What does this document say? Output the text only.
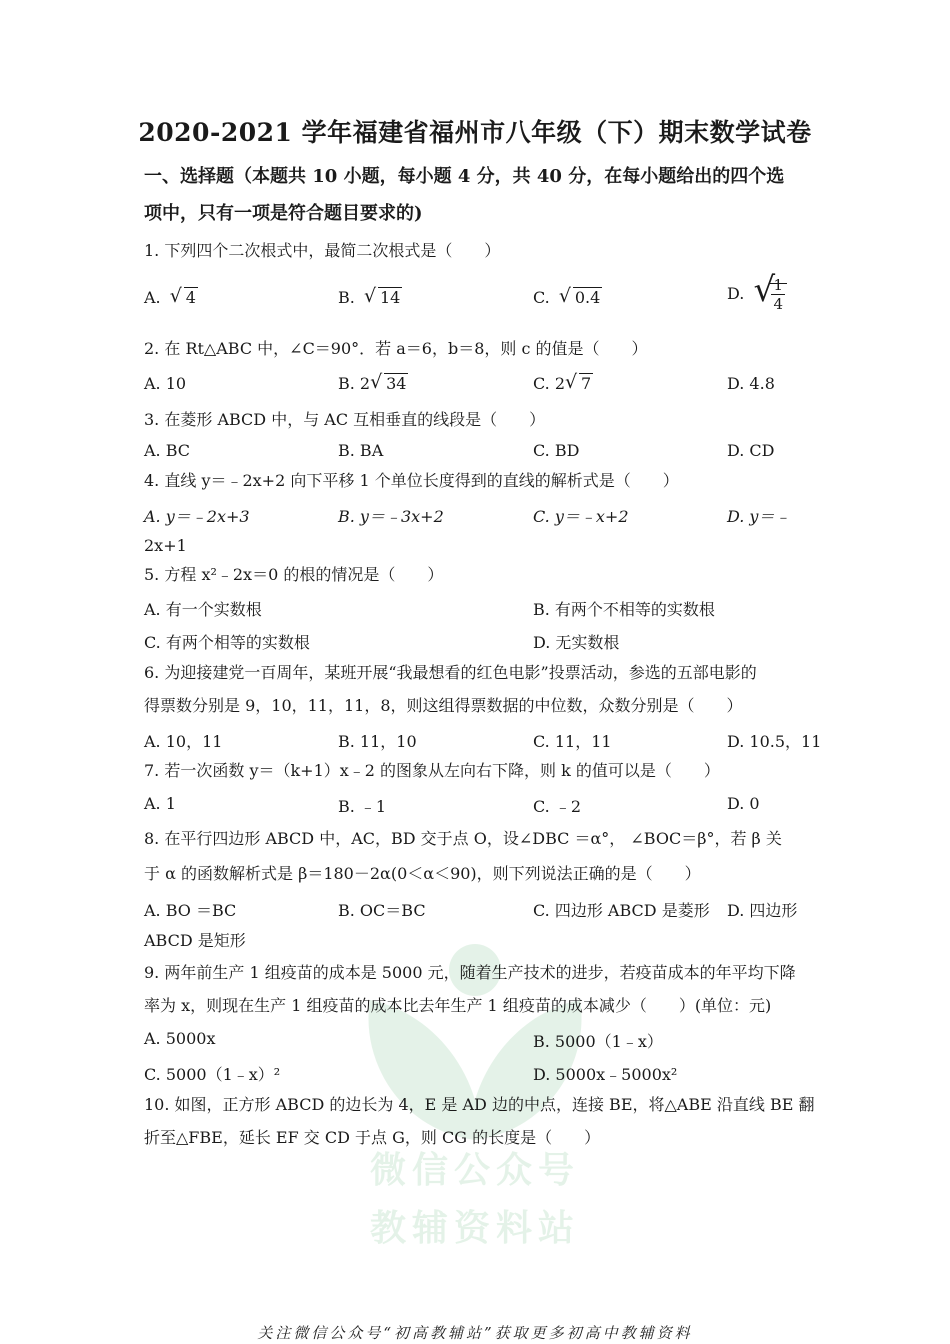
微信公众号
教辅资料站
2020-2021 学年福建省福州市八年级（下）期末数学试卷
一、选择题（本题共 10 小题，每小题 4 分，共 40 分，在每小题给出的四个选
项中，只有一项是符合题目要求的)
1. 下列四个二次根式中，最简二次根式是（　　）
A. √ 4	B. √ 14	C. √ 0.4	D. √
$\frac{1}{4}$
2. 在 Rt△ABC 中，∠C＝90°．若 a＝6，b＝8，则 c 的值是（　　）
A. 10	B. 2 √ 34	C. 2 √ 7	D. 4.8
3. 在菱形 ABCD 中，与 AC 互相垂直的线段是（　　）
A. BC	B. BA	C. BD	D. CD
4. 直线 y＝﹣2x+2 向下平移 1 个单位长度得到的直线的解析式是（　　）
A. y＝﹣2x+3	B. y＝﹣3x+2	C. y＝﹣x+2	D. y＝﹣
2x+1
5. 方程 x²﹣2x＝0 的根的情况是（　　）
A. 有一个实数根	B. 有两个不相等的实数根
C. 有两个相等的实数根	D. 无实数根
6. 为迎接建党一百周年，某班开展“我最想看的红色电影”投票活动，参选的五部电影的
得票数分别是 9，10，11，11，8，则这组得票数据的中位数，众数分别是（　　）
A. 10，11	B. 11，10	C. 11，11	D. 10.5，11
7. 若一次函数 y＝（k+1）x﹣2 的图象从左向右下降，则 k 的值可以是（　　）
A. 1	B. ﹣1	C. ﹣2	D. 0
8. 在平行四边形 ABCD 中，AC，BD 交于点 O，设∠DBC ＝α°， ∠BOC＝β°，若 β 关
于 α 的函数解析式是 β＝180－2α(0＜α＜90)，则下列说法正确的是（　　）
A. BO ＝BC	B. OC＝BC	C. 四边形 ABCD 是菱形 D. 四边形
ABCD 是矩形
9. 两年前生产 1 组疫苗的成本是 5000 元，随着生产技术的进步，若疫苗成本的年平均下降
率为 x，则现在生产 1 组疫苗的成本比去年生产 1 组疫苗的成本减少（　　）(单位：元)
A. 5000x	B. 5000（1﹣x）
C. 5000（1﹣x）²	D. 5000x﹣5000x²
10. 如图，正方形 ABCD 的边长为 4，E 是 AD 边的中点，连接 BE，将△ABE 沿直线 BE 翻
折至△FBE，延长 EF 交 CD 于点 G，则 CG 的长度是（　　）
关注微信公众号“初高教辅站”获取更多初高中教辅资料
